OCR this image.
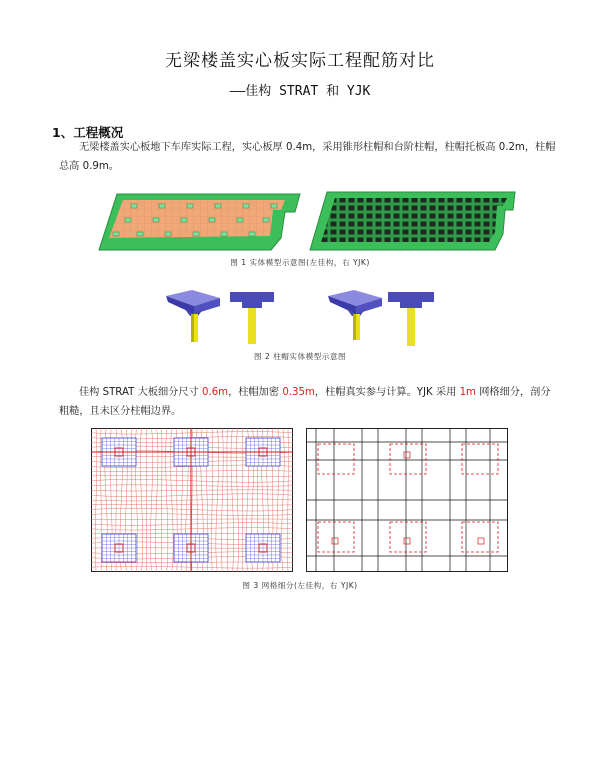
无梁楼盖实心板实际工程配筋对比
——佳构 STRAT 和 YJK
1、工程概况
无梁楼盖实心板地下车库实际工程，实心板厚 0.4m，采用锥形柱帽和台阶柱帽，柱帽托板高 0.2m，柱帽总高 0.9m。
图 1 实体模型示意图(左佳构，右 YJK)
图 2 柱帽实体模型示意图
佳构 STRAT 大板细分尺寸 0.6m，柱帽加密 0.35m，柱帽真实参与计算。YJK 采用 1m 网格细分，剖分粗糙，且未区分柱帽边界。
图 3 网格细分(左佳构，右 YJK)
